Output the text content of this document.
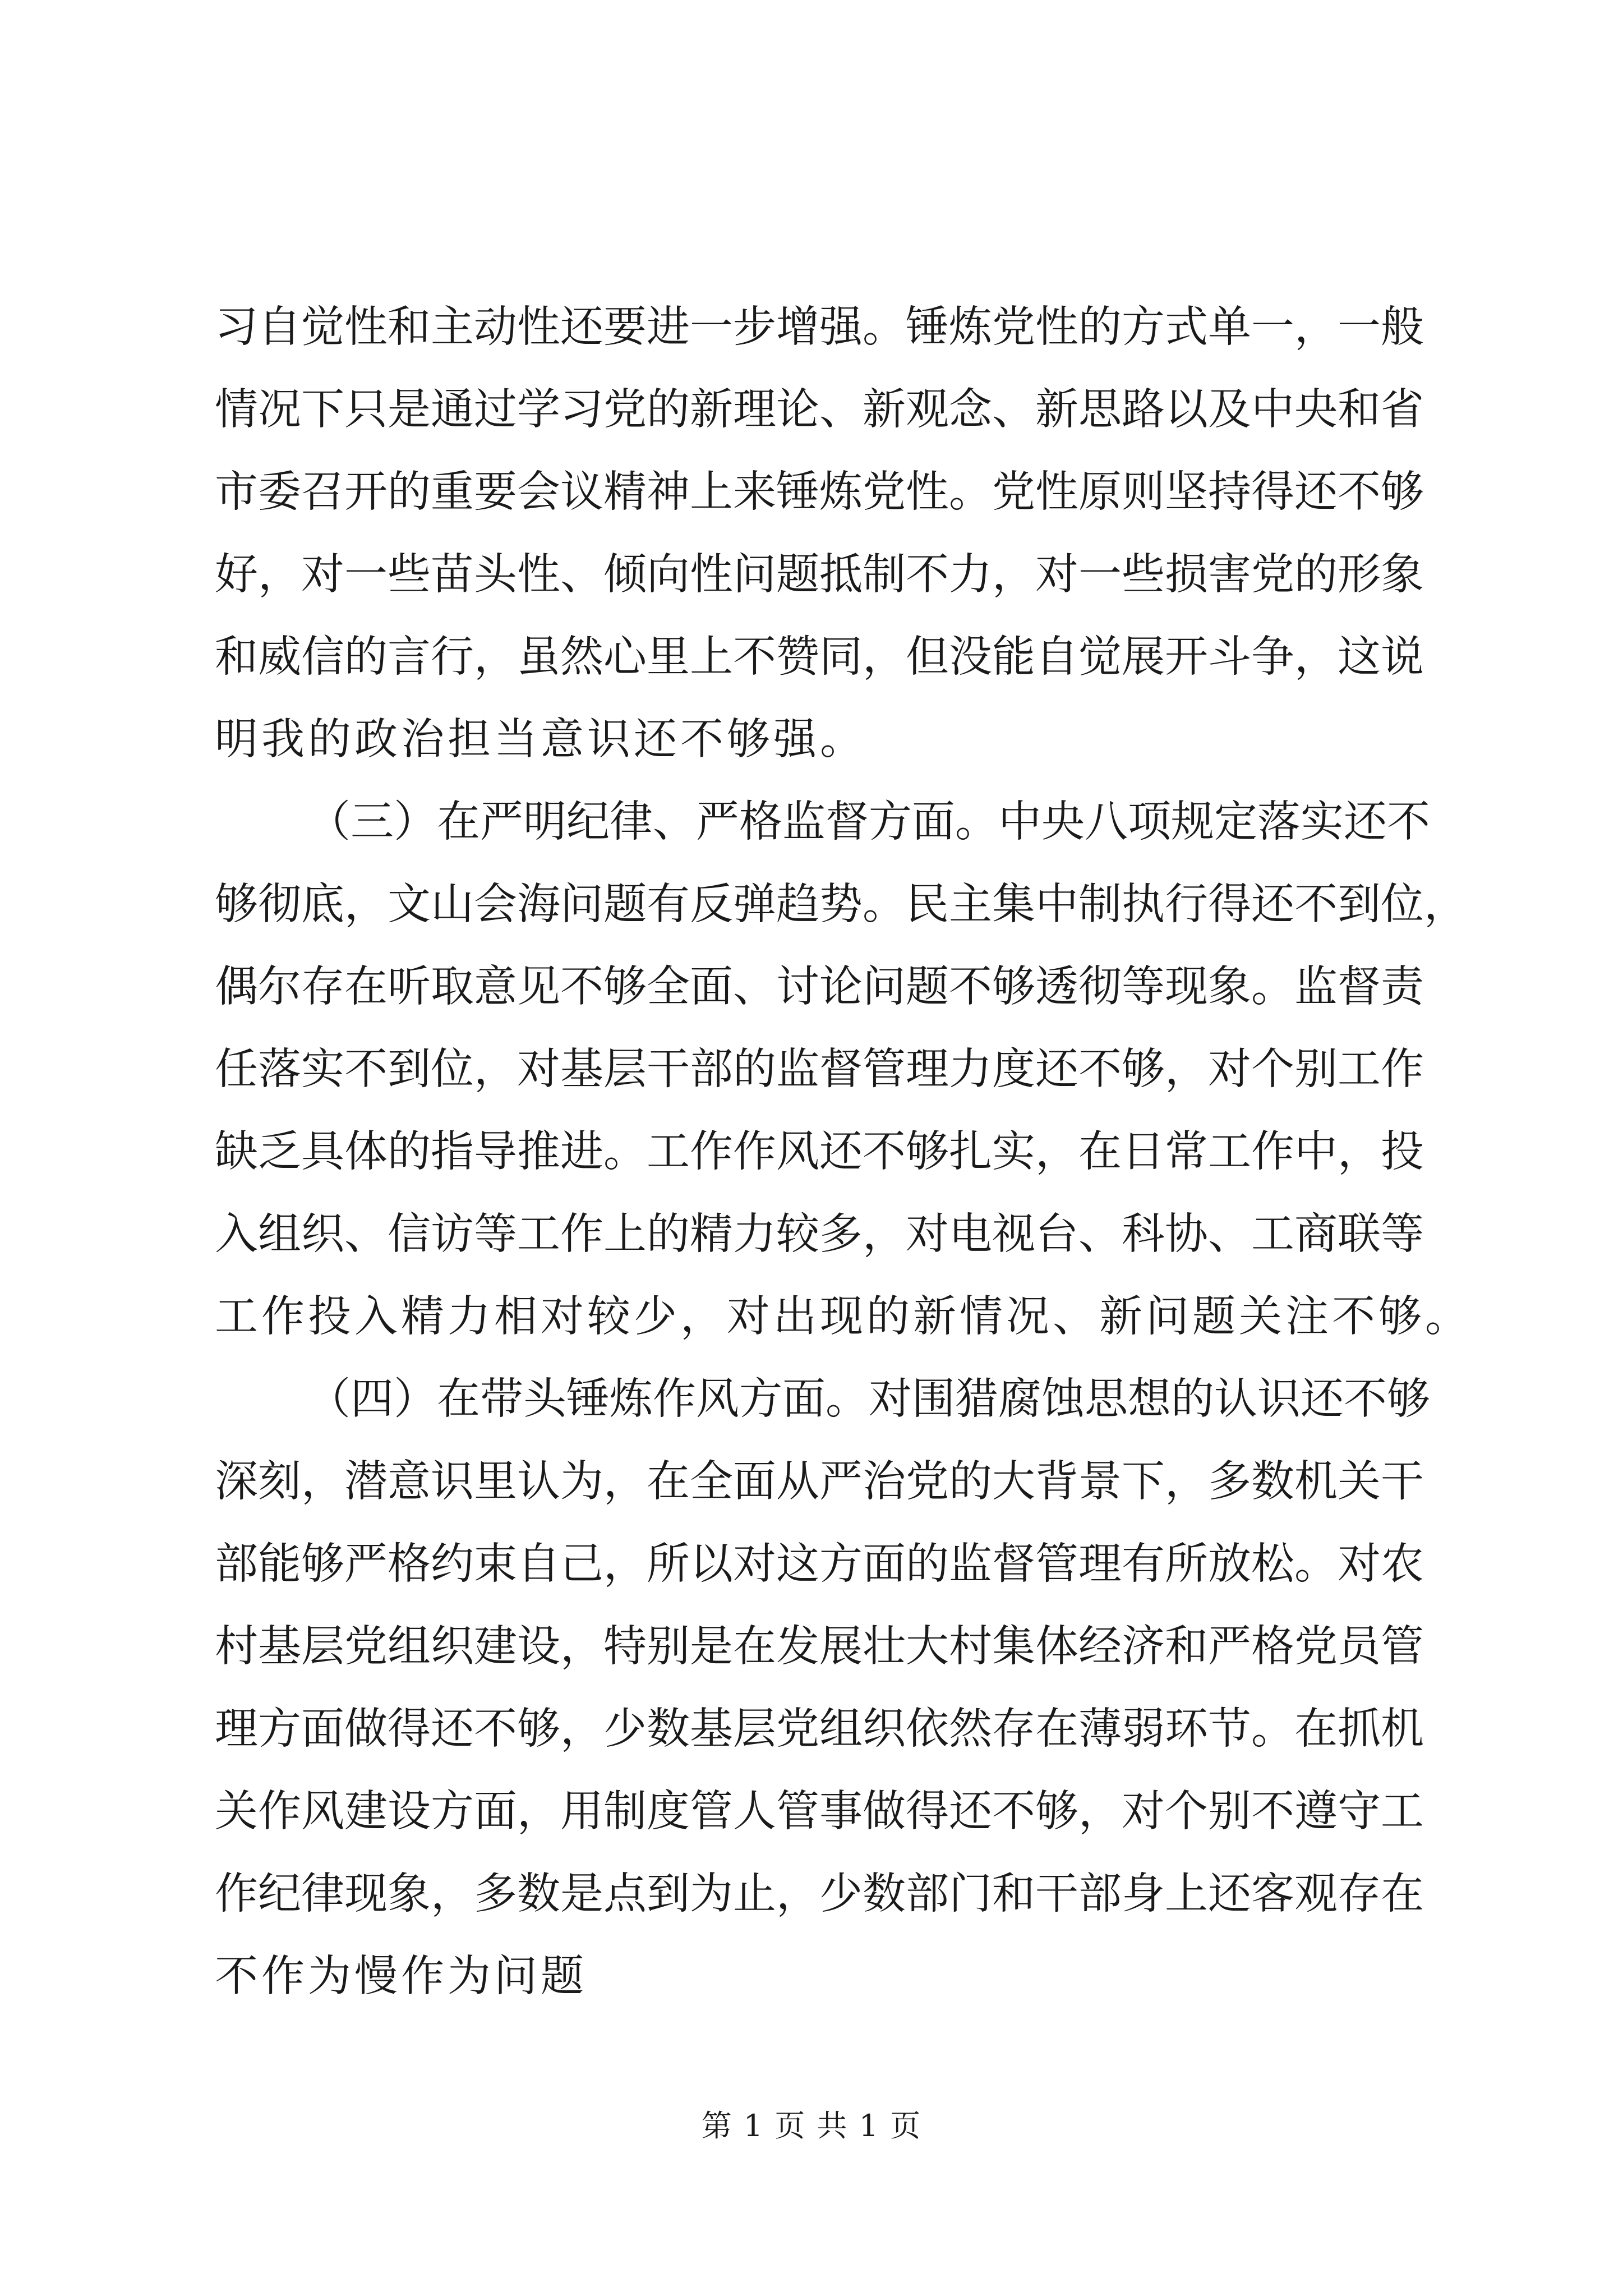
习自觉性和主动性还要进一步增强。锤炼党性的方式单一，一般
情况下只是通过学习党的新理论、新观念、新思路以及中央和省
市委召开的重要会议精神上来锤炼党性。党性原则坚持得还不够
好，对一些苗头性、倾向性问题抵制不力，对一些损害党的形象
和威信的言行，虽然心里上不赞同，但没能自觉展开斗争，这说
明我的政治担当意识还不够强。
（三）在严明纪律、严格监督方面。中央八项规定落实还不
够彻底，文山会海问题有反弹趋势。民主集中制执行得还不到位，
偶尔存在听取意见不够全面、讨论问题不够透彻等现象。监督责
任落实不到位，对基层干部的监督管理力度还不够，对个别工作
缺乏具体的指导推进。工作作风还不够扎实，在日常工作中，投
入组织、信访等工作上的精力较多，对电视台、科协、工商联等
工作投入精力相对较少，对出现的新情况、新问题关注不够。
（四）在带头锤炼作风方面。对围猎腐蚀思想的认识还不够
深刻，潜意识里认为，在全面从严治党的大背景下，多数机关干
部能够严格约束自己，所以对这方面的监督管理有所放松。对农
村基层党组织建设，特别是在发展壮大村集体经济和严格党员管
理方面做得还不够，少数基层党组织依然存在薄弱环节。在抓机
关作风建设方面，用制度管人管事做得还不够，对个别不遵守工
作纪律现象，多数是点到为止，少数部门和干部身上还客观存在
不作为慢作为问题
第 1 页 共 1 页
